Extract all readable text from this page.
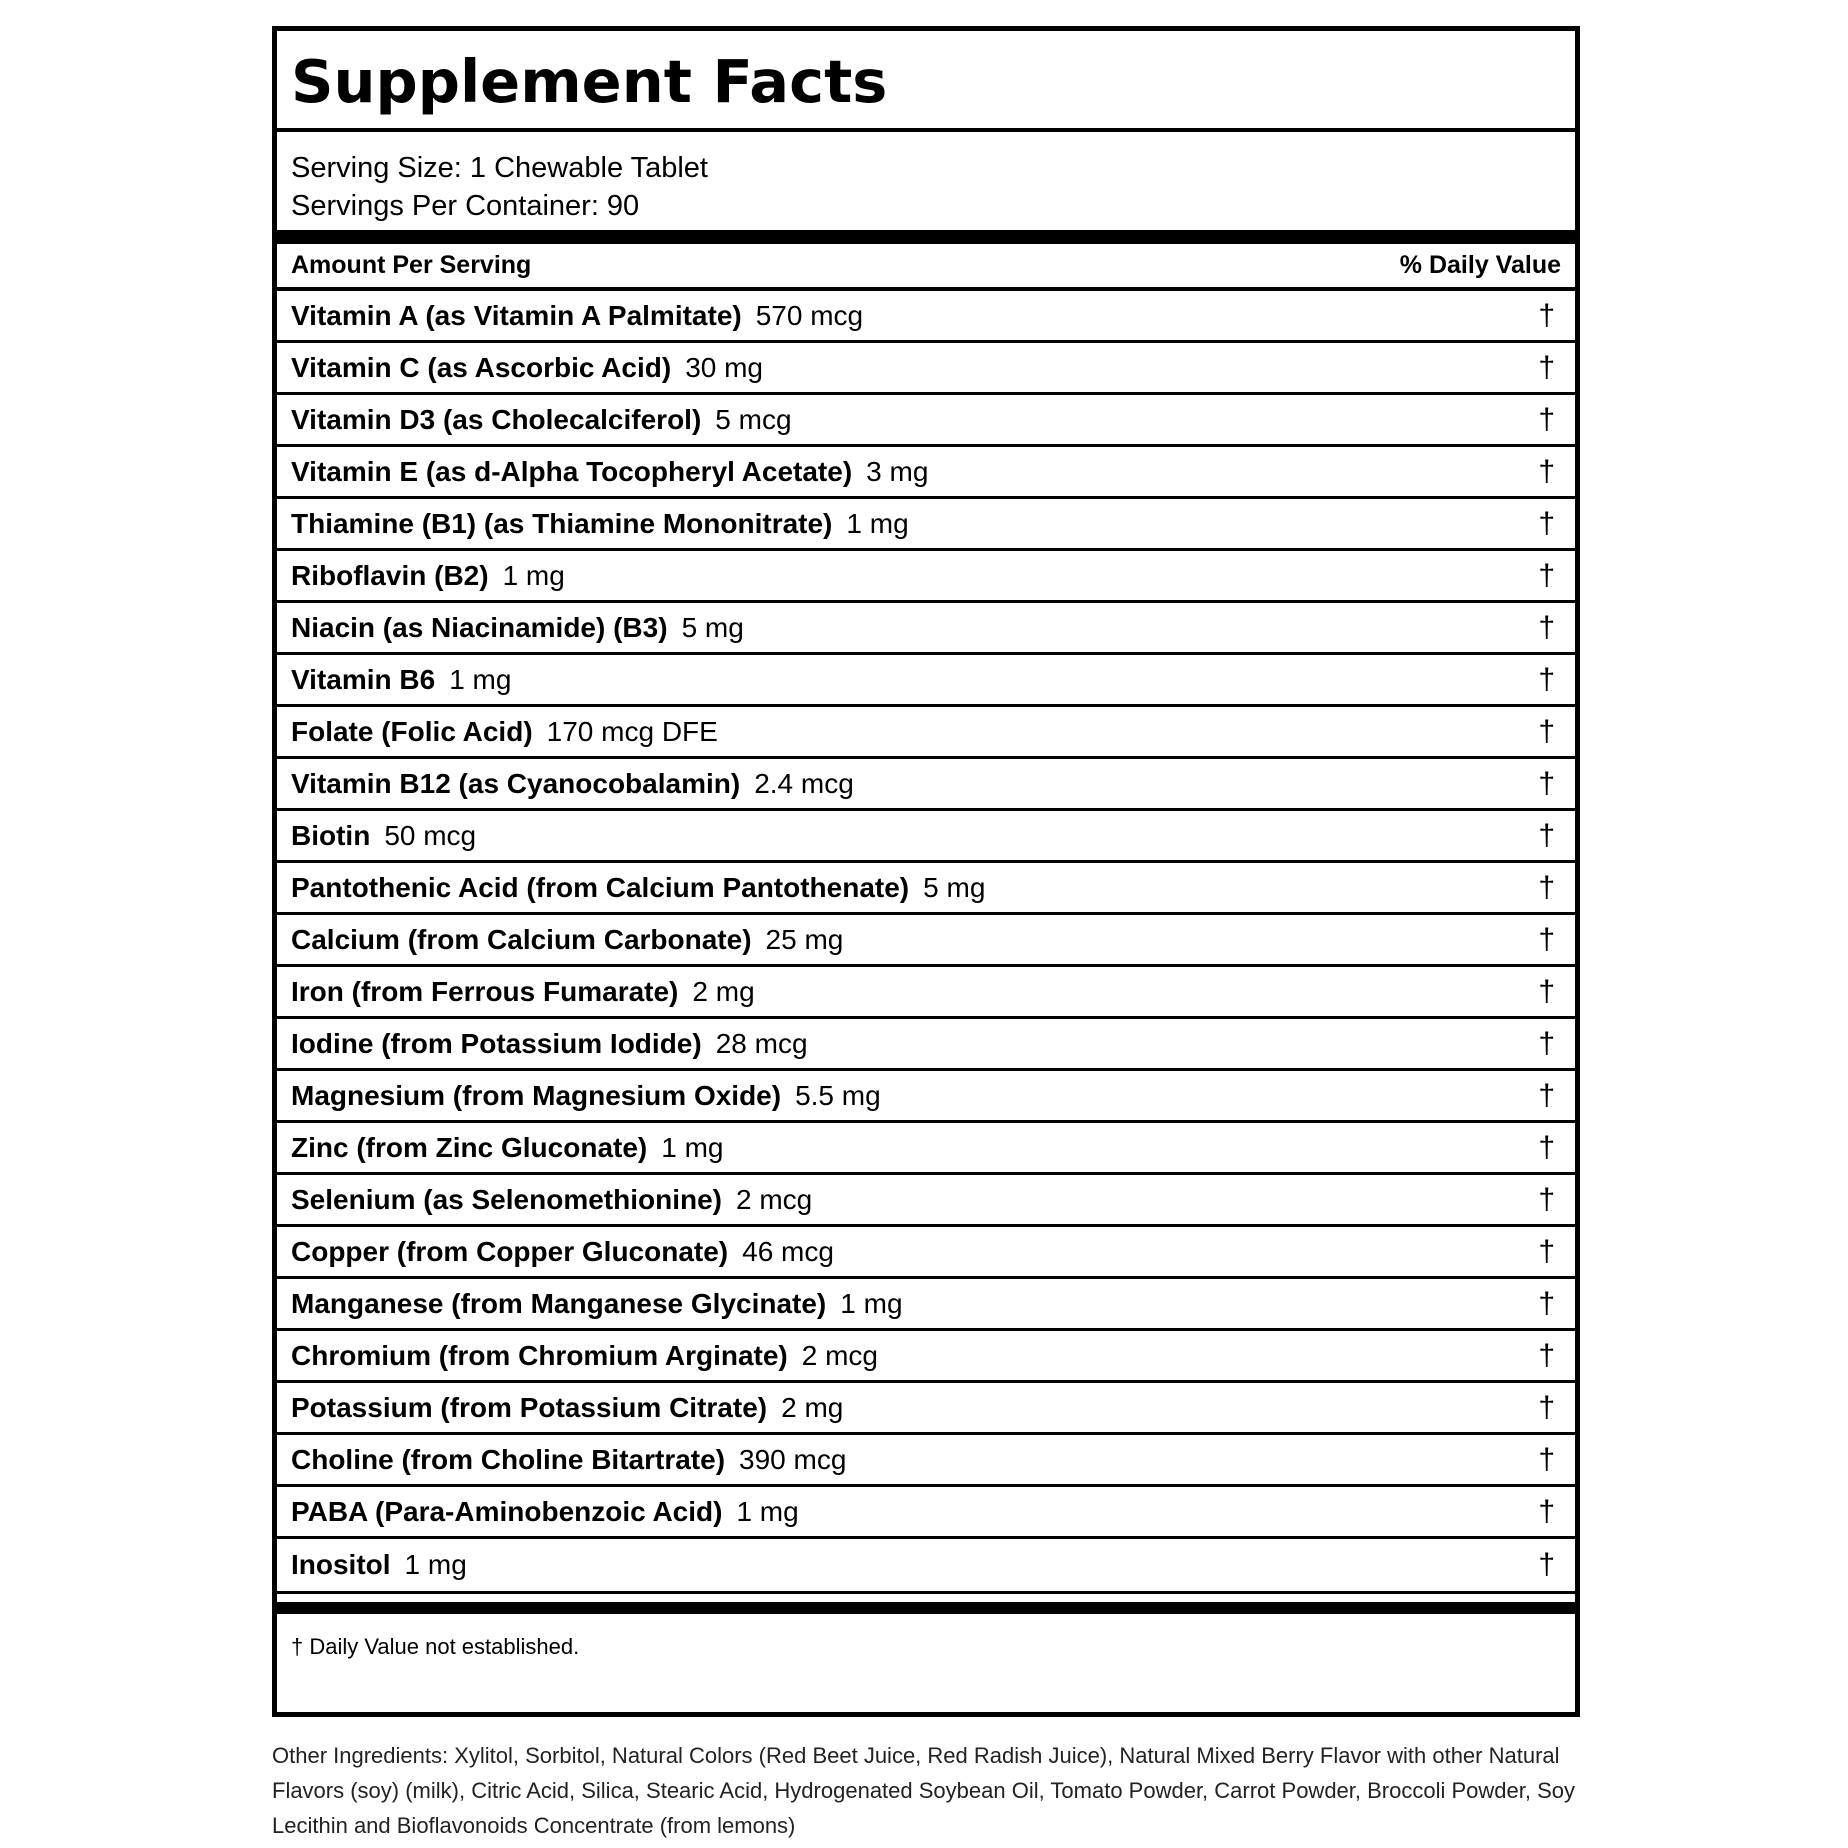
Supplement Facts
Serving Size: 1 Chewable Tablet
Servings Per Container: 90
Amount Per Serving	% Daily Value
Vitamin A (as Vitamin A Palmitate) 570 mcg	†
Vitamin C (as Ascorbic Acid) 30 mg	†
Vitamin D3 (as Cholecalciferol) 5 mcg	†
Vitamin E (as d-Alpha Tocopheryl Acetate) 3 mg	†
Thiamine (B1) (as Thiamine Mononitrate) 1 mg	†
Riboflavin (B2) 1 mg	†
Niacin (as Niacinamide) (B3) 5 mg	†
Vitamin B6 1 mg	†
Folate (Folic Acid) 170 mcg DFE	†
Vitamin B12 (as Cyanocobalamin) 2.4 mcg	†
Biotin 50 mcg	†
Pantothenic Acid (from Calcium Pantothenate) 5 mg	†
Calcium (from Calcium Carbonate) 25 mg	†
Iron (from Ferrous Fumarate) 2 mg	†
Iodine (from Potassium Iodide) 28 mcg	†
Magnesium (from Magnesium Oxide) 5.5 mg	†
Zinc (from Zinc Gluconate) 1 mg	†
Selenium (as Selenomethionine) 2 mcg	†
Copper (from Copper Gluconate) 46 mcg	†
Manganese (from Manganese Glycinate) 1 mg	†
Chromium (from Chromium Arginate) 2 mcg	†
Potassium (from Potassium Citrate) 2 mg	†
Choline (from Choline Bitartrate) 390 mcg	†
PABA (Para-Aminobenzoic Acid) 1 mg	†
Inositol 1 mg	†
† Daily Value not established.
Other Ingredients: Xylitol, Sorbitol, Natural Colors (Red Beet Juice, Red Radish Juice), Natural Mixed Berry Flavor with other Natural Flavors (soy) (milk), Citric Acid, Silica, Stearic Acid, Hydrogenated Soybean Oil, Tomato Powder, Carrot Powder, Broccoli Powder, Soy Lecithin and Bioflavonoids Concentrate (from lemons)
